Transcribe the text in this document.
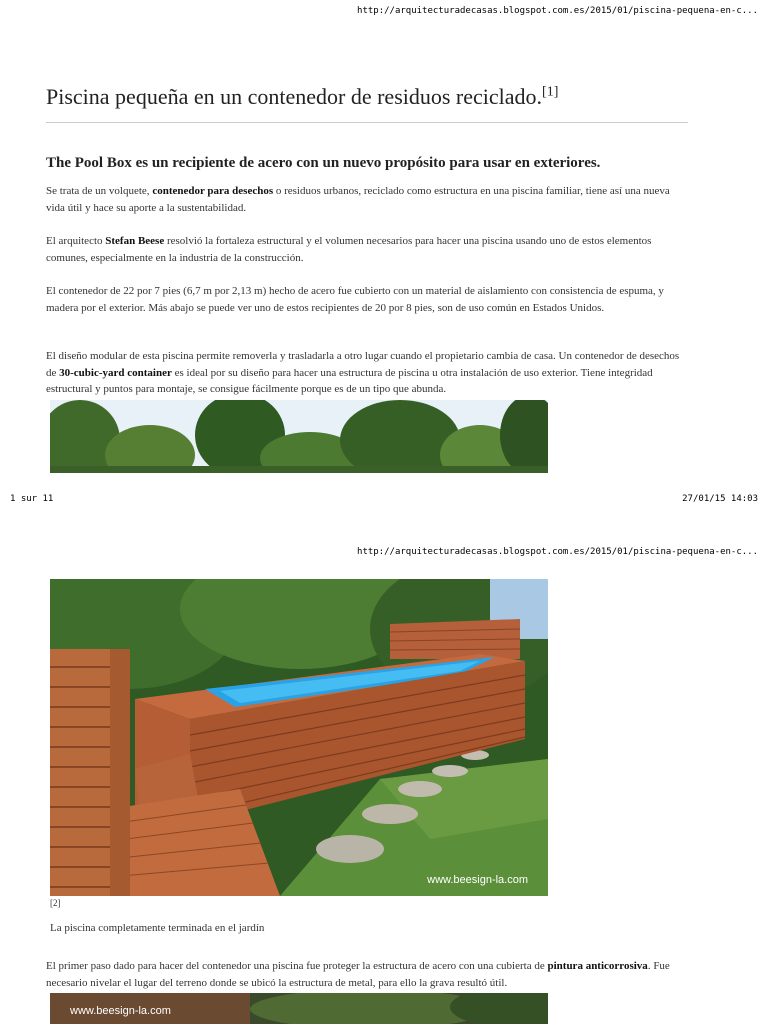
http://arquitecturadecasas.blogspot.com.es/2015/01/piscina-pequena-en-c...
Piscina pequeña en un contenedor de residuos reciclado.[1]
The Pool Box es un recipiente de acero con un nuevo propósito para usar en exteriores.

Se trata de un volquete, contenedor para desechos o residuos urbanos, reciclado como estructura en una piscina familiar, tiene así una nueva vida útil y hace su aporte a la sustentabilidad.

El arquitecto Stefan Beese resolvió la fortaleza estructural y el volumen necesarios para hacer una piscina usando uno de estos elementos comunes, especialmente en la industria de la construcción.

El contenedor de 22 por 7 pies (6,7 m por 2,13 m) hecho de acero fue cubierto con un material de aislamiento con consistencia de espuma, y madera por el exterior. Más abajo se puede ver uno de estos recipientes de 20 por 8 pies, son de uso común en Estados Unidos.

El diseño modular de esta piscina permite removerla y trasladarla a otro lugar cuando el propietario cambia de casa. Un contenedor de desechos de 30-cubic-yard container es ideal por su diseño para hacer una estructura de piscina u otra instalación de uso exterior. Tiene integridad estructural y puntos para montaje, se consigue fácilmente porque es de un tipo que abunda.

1 sur 11	27/01/15 14:03
http://arquitecturadecasas.blogspot.com.es/2015/01/piscina-pequena-en-c...
www.beesign-la.com
[2]
La piscina completamente terminada en el jardín

El primer paso dado para hacer del contenedor una piscina fue proteger la estructura de acero con una cubierta de pintura anticorrosiva. Fue necesario nivelar el lugar del terreno donde se ubicó la estructura de metal, para ello la grava resultó útil.

www.beesign-la.com
